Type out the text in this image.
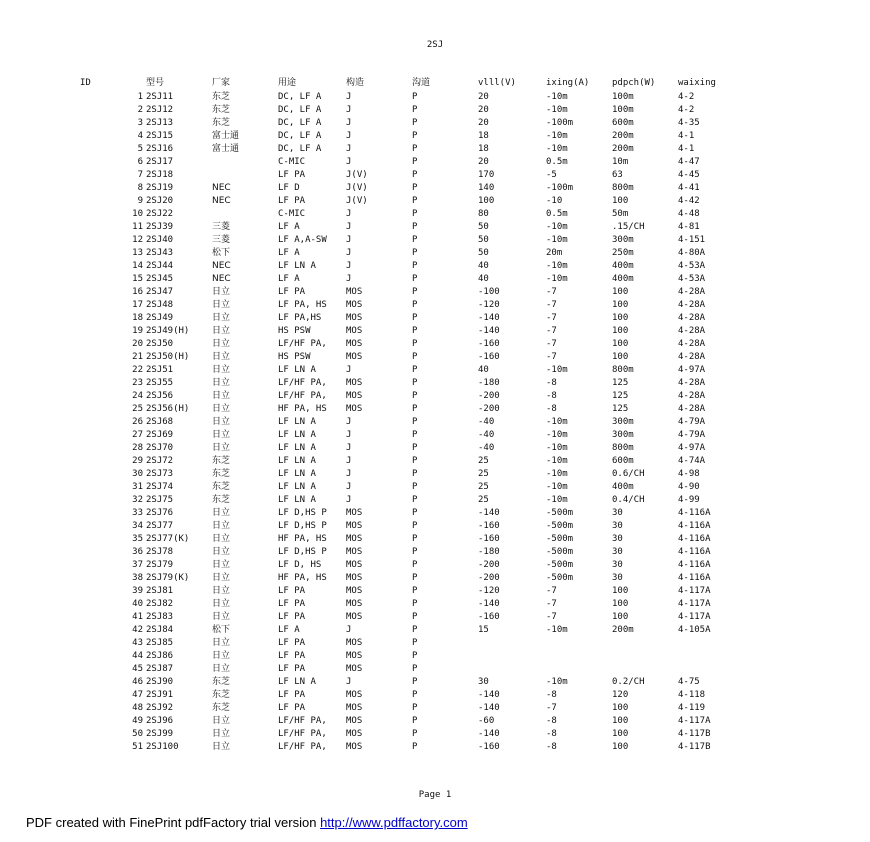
2SJ
ID	型号	厂家	用途	构造	沟道	vlll(V)	ixing(A)	pdpch(W)	waixing
1	2SJ11	东芝	DC, LF A	J	P	20	-10m	100m	4-2
2	2SJ12	东芝	DC, LF A	J	P	20	-10m	100m	4-2
3	2SJ13	东芝	DC, LF A	J	P	20	-100m	600m	4-35
4	2SJ15	富士通	DC, LF A	J	P	18	-10m	200m	4-1
5	2SJ16	富士通	DC, LF A	J	P	18	-10m	200m	4-1
6	2SJ17		C-MIC	J	P	20	0.5m	10m	4-47
7	2SJ18		LF PA	J(V)	P	170	-5	63	4-45
8	2SJ19	NEC	LF D	J(V)	P	140	-100m	800m	4-41
9	2SJ20	NEC	LF PA	J(V)	P	100	-10	100	4-42
10	2SJ22		C-MIC	J	P	80	0.5m	50m	4-48
11	2SJ39	三菱	LF A	J	P	50	-10m	.15/CH	4-81
12	2SJ40	三菱	LF A,A-SW	J	P	50	-10m	300m	4-151
13	2SJ43	松下	LF A	J	P	50	20m	250m	4-80A
14	2SJ44	NEC	LF LN A	J	P	40	-10m	400m	4-53A
15	2SJ45	NEC	LF A	J	P	40	-10m	400m	4-53A
16	2SJ47	日立	LF PA	MOS	P	-100	-7	100	4-28A
17	2SJ48	日立	LF PA, HS	MOS	P	-120	-7	100	4-28A
18	2SJ49	日立	LF PA,HS	MOS	P	-140	-7	100	4-28A
19	2SJ49(H)	日立	HS PSW	MOS	P	-140	-7	100	4-28A
20	2SJ50	日立	LF/HF PA,	MOS	P	-160	-7	100	4-28A
21	2SJ50(H)	日立	HS PSW	MOS	P	-160	-7	100	4-28A
22	2SJ51	日立	LF LN A	J	P	40	-10m	800m	4-97A
23	2SJ55	日立	LF/HF PA,	MOS	P	-180	-8	125	4-28A
24	2SJ56	日立	LF/HF PA,	MOS	P	-200	-8	125	4-28A
25	2SJ56(H)	日立	HF PA, HS	MOS	P	-200	-8	125	4-28A
26	2SJ68	日立	LF LN A	J	P	-40	-10m	300m	4-79A
27	2SJ69	日立	LF LN A	J	P	-40	-10m	300m	4-79A
28	2SJ70	日立	LF LN A	J	P	-40	-10m	800m	4-97A
29	2SJ72	东芝	LF LN A	J	P	25	-10m	600m	4-74A
30	2SJ73	东芝	LF LN A	J	P	25	-10m	0.6/CH	4-98
31	2SJ74	东芝	LF LN A	J	P	25	-10m	400m	4-90
32	2SJ75	东芝	LF LN A	J	P	25	-10m	0.4/CH	4-99
33	2SJ76	日立	LF D,HS P	MOS	P	-140	-500m	30	4-116A
34	2SJ77	日立	LF D,HS P	MOS	P	-160	-500m	30	4-116A
35	2SJ77(K)	日立	HF PA, HS	MOS	P	-160	-500m	30	4-116A
36	2SJ78	日立	LF D,HS P	MOS	P	-180	-500m	30	4-116A
37	2SJ79	日立	LF D, HS	MOS	P	-200	-500m	30	4-116A
38	2SJ79(K)	日立	HF PA, HS	MOS	P	-200	-500m	30	4-116A
39	2SJ81	日立	LF PA	MOS	P	-120	-7	100	4-117A
40	2SJ82	日立	LF PA	MOS	P	-140	-7	100	4-117A
41	2SJ83	日立	LF PA	MOS	P	-160	-7	100	4-117A
42	2SJ84	松下	LF A	J	P	15	-10m	200m	4-105A
43	2SJ85	日立	LF PA	MOS	P				
44	2SJ86	日立	LF PA	MOS	P				
45	2SJ87	日立	LF PA	MOS	P				
46	2SJ90	东芝	LF LN A	J	P	30	-10m	0.2/CH	4-75
47	2SJ91	东芝	LF PA	MOS	P	-140	-8	120	4-118
48	2SJ92	东芝	LF PA	MOS	P	-140	-7	100	4-119
49	2SJ96	日立	LF/HF PA,	MOS	P	-60	-8	100	4-117A
50	2SJ99	日立	LF/HF PA,	MOS	P	-140	-8	100	4-117B
51	2SJ100	日立	LF/HF PA,	MOS	P	-160	-8	100	4-117B
Page 1
PDF created with FinePrint pdfFactory trial version http://www.pdffactory.com
